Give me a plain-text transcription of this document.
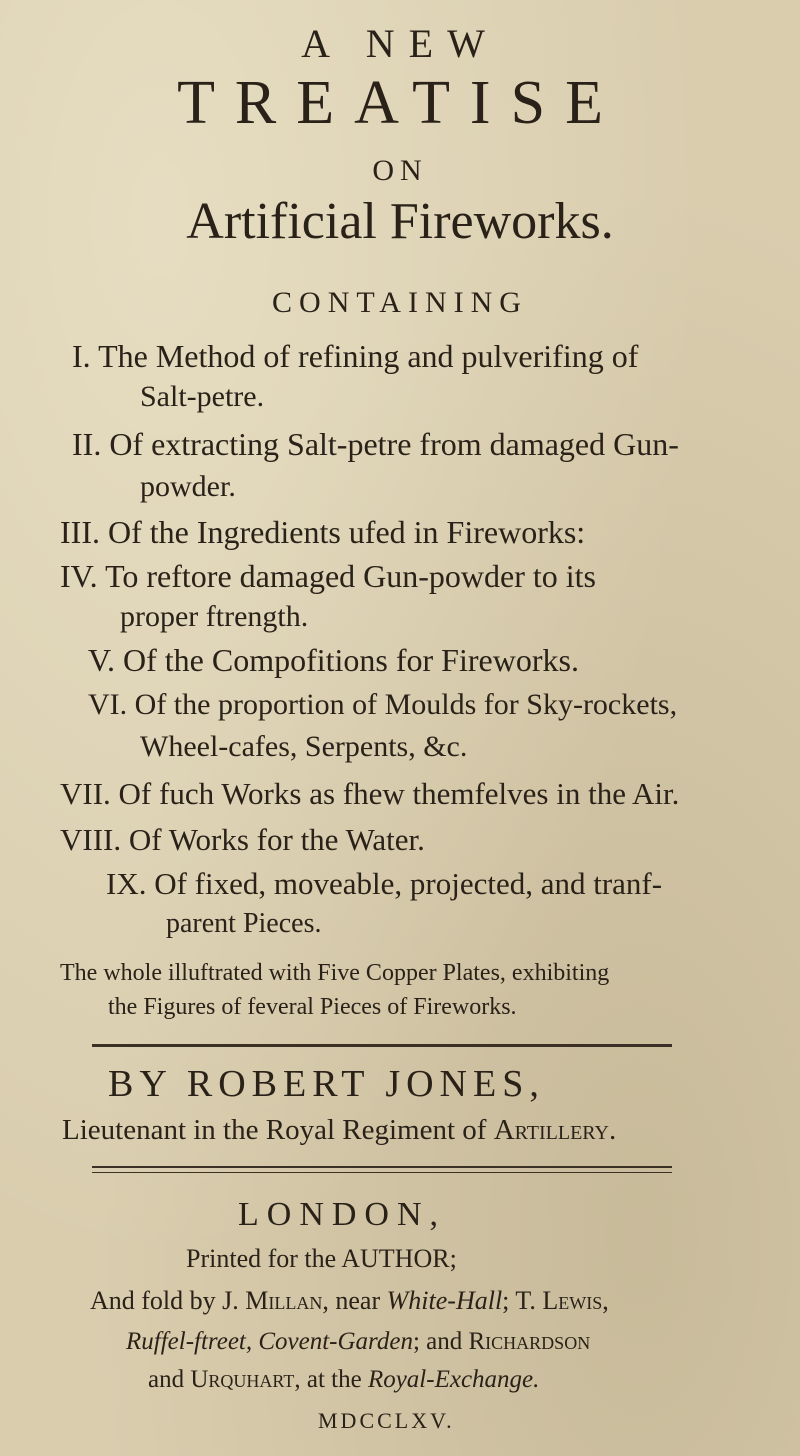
A NEW
TREATISE
ON
Artificial Fireworks.
CONTAINING
I. The Method of refining and pulverifing of
Salt-petre.
II. Of extracting Salt-petre from damaged Gun-
powder.
III. Of the Ingredients ufed in Fireworks:
IV. To reftore damaged Gun-powder to its
proper ftrength.
V. Of the Compofitions for Fireworks.
VI. Of the proportion of Moulds for Sky-rockets,
Wheel-cafes, Serpents, &c.
VII. Of fuch Works as fhew themfelves in the Air.
VIII. Of Works for the Water.
IX. Of fixed, moveable, projected, and tranf-
parent Pieces.
The whole illuftrated with Five Copper Plates, exhibiting
the Figures of feveral Pieces of Fireworks.
BY ROBERT JONES,
Lieutenant in the Royal Regiment of Artillery.
LONDON,
Printed for the AUTHOR;
And fold by J. Millan, near White-Hall; T. Lewis,
Ruffel-ftreet, Covent-Garden; and Richardson
and Urquhart, at the Royal-Exchange.
MDCCLXV.
